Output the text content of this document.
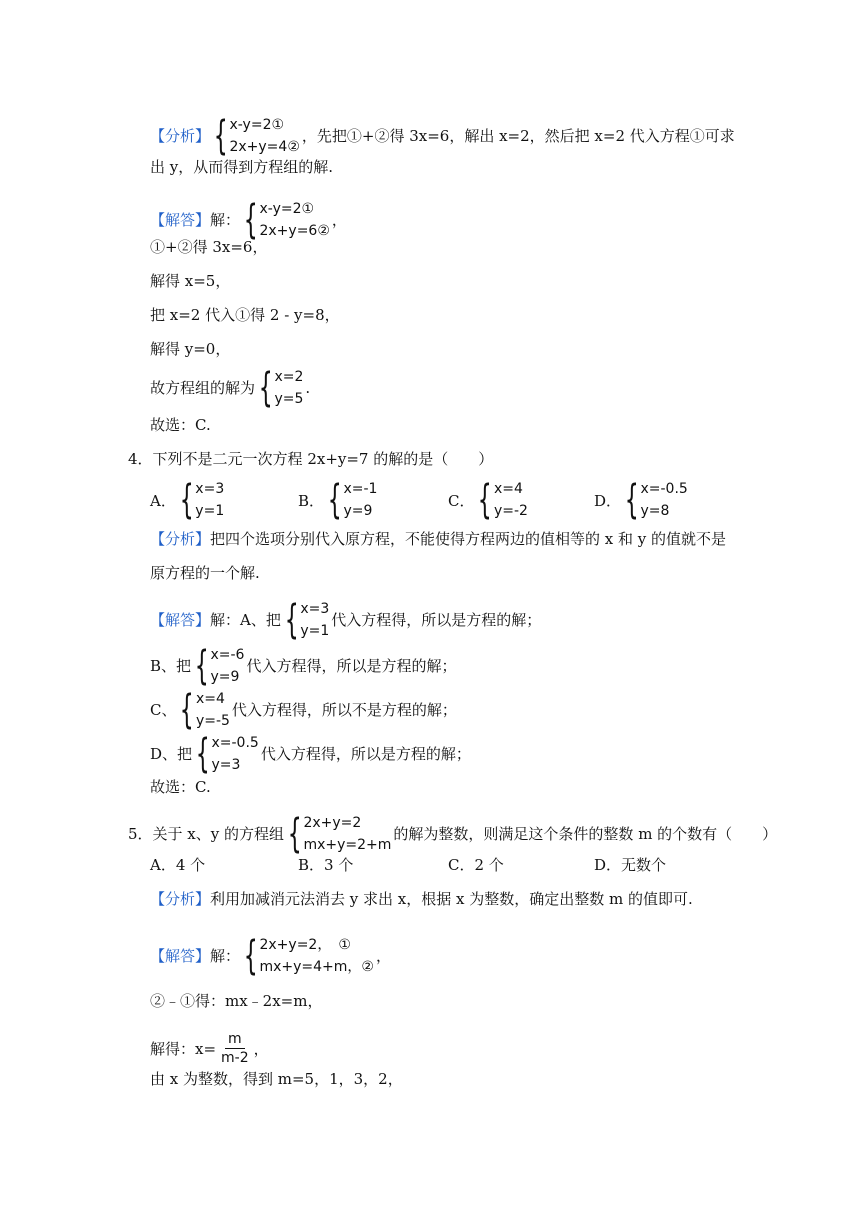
【分析】 { x-y=2①
2x+y=4②
，先把①+②得 3x=6，解出 x=2，然后把 x=2 代入方程①可求
出 y，从而得到方程组的解.
【解答】 解： { x-y=2①
2x+y=6②
，
①+②得 3x=6，
解得 x=5，
把 x=2 代入①得 2 - y=8，
解得 y=0，
故方程组的解为 { x=2
y=5
.
故选：C.
4．下列不是二元一次方程 2x+y=7 的解的是（　　）
A． { x=3
y=1
B． { x=-1
y=9
C． { x=4
y=-2
D． { x=-0.5
y=8
【分析】 把四个选项分别代入原方程，不能使得方程两边的值相等的 x 和 y 的值就不是
原方程的一个解.
【解答】 解：A、把 { x=3
y=1
代入方程得，所以是方程的解；
B、把 { x=-6
y=9
代入方程得，所以是方程的解；
C、 { x=4
y=-5
代入方程得，所以不是方程的解；
D、把 { x=-0.5
y=3
代入方程得，所以是方程的解；
故选：C.
5．关于 x、y 的方程组 { 2x+y=2
mx+y=2+m
的解为整数，则满足这个条件的整数 m 的个数有（　　）
A．4 个	B．3 个	C．2 个	D．无数个
【分析】 利用加减消元法消去 y 求出 x，根据 x 为整数，确定出整数 m 的值即可.
【解答】 解： { 2x+y=2，　①
mx+y=4+m，②
，
②﹣①得：mx﹣2x=m，
解得：$x= \frac{m}{m-2}$ ，
由 x 为整数，得到 m=5，1，3，2，
